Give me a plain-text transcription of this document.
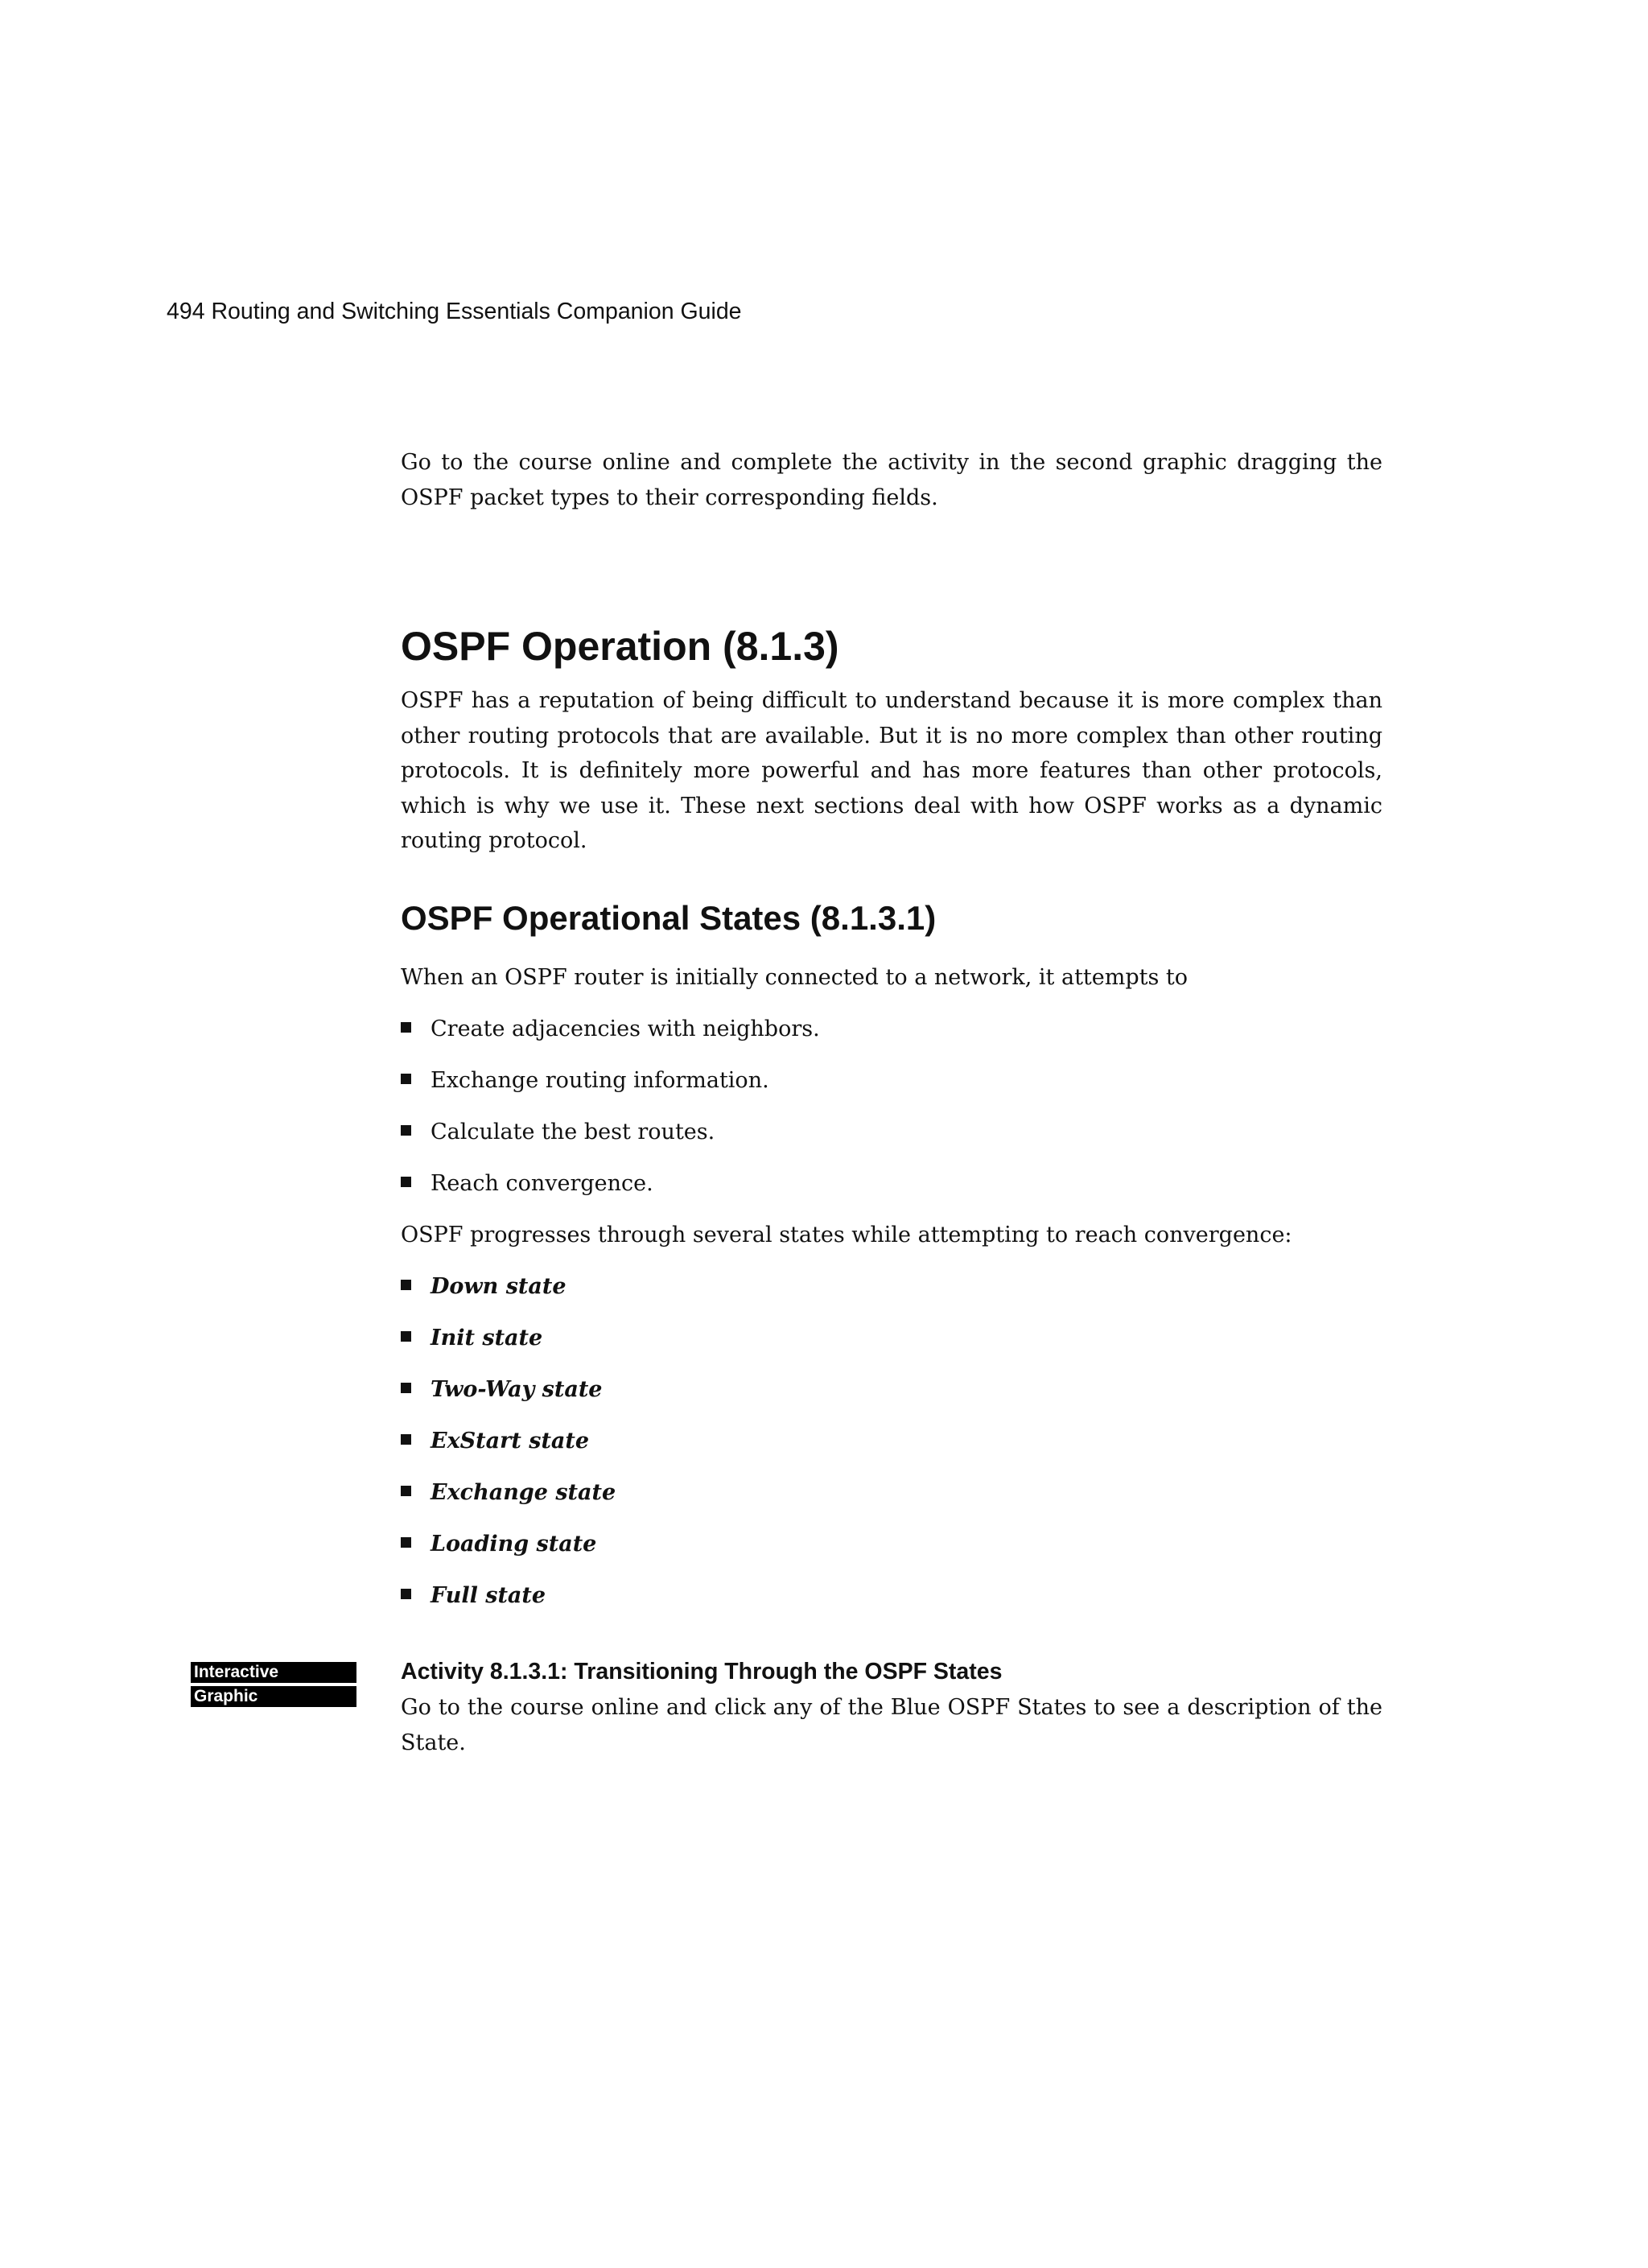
494 Routing and Switching Essentials Companion Guide

Go to the course online and complete the activity in the second graphic dragging the OSPF packet types to their corresponding fields.

OSPF Operation (8.1.3)

OSPF has a reputation of being difficult to understand because it is more complex than other routing protocols that are available. But it is no more complex than other routing protocols. It is definitely more powerful and has more features than other protocols, which is why we use it. These next sections deal with how OSPF works as a dynamic routing protocol.

OSPF Operational States (8.1.3.1)

When an OSPF router is initially connected to a network, it attempts to

Create adjacencies with neighbors.
Exchange routing information.
Calculate the best routes.
Reach convergence.

OSPF progresses through several states while attempting to reach convergence:

Down state
Init state
Two-Way state
ExStart state
Exchange state
Loading state
Full state
Interactive
Graphic
Activity 8.1.3.1: Transitioning Through the OSPF States

Go to the course online and click any of the Blue OSPF States to see a description of the State.
